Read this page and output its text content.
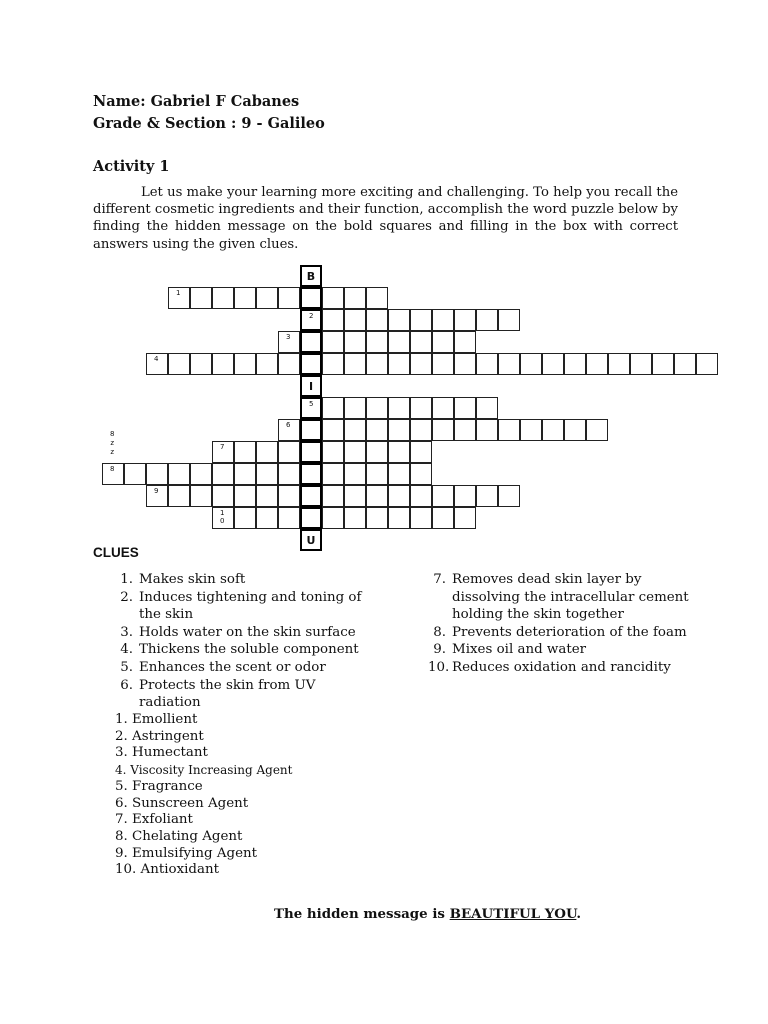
Name: Gabriel F Cabanes

Grade & Section : 9 - Galileo

Activity 1

Let us make your learning more exciting and challenging. To help you recall the different cosmetic ingredients and their function, accomplish the word puzzle below by finding the hidden message on the bold squares and filling in the box with correct answers using the given clues.

B
1
2
3
4
I
5
6
7
8
9
1
0
U
8
z
z

CLUES

1. Makes skin soft
2. Induces tightening and toning of the skin
3. Holds water on the skin surface
4. Thickens the soluble component
5. Enhances the scent or odor
6. Protects the skin from UV radiation
7. Removes dead skin layer by dissolving the intracellular cement holding the skin together
8. Prevents deterioration of the foam
9. Mixes oil and water
10. Reduces oxidation and rancidity
1. Emollient
2. Astringent
3. Humectant
4. Viscosity Increasing Agent
5. Fragrance
6. Sunscreen Agent
7. Exfoliant
8. Chelating Agent
9. Emulsifying Agent
10. Antioxidant

The hidden message is BEAUTIFUL YOU.
